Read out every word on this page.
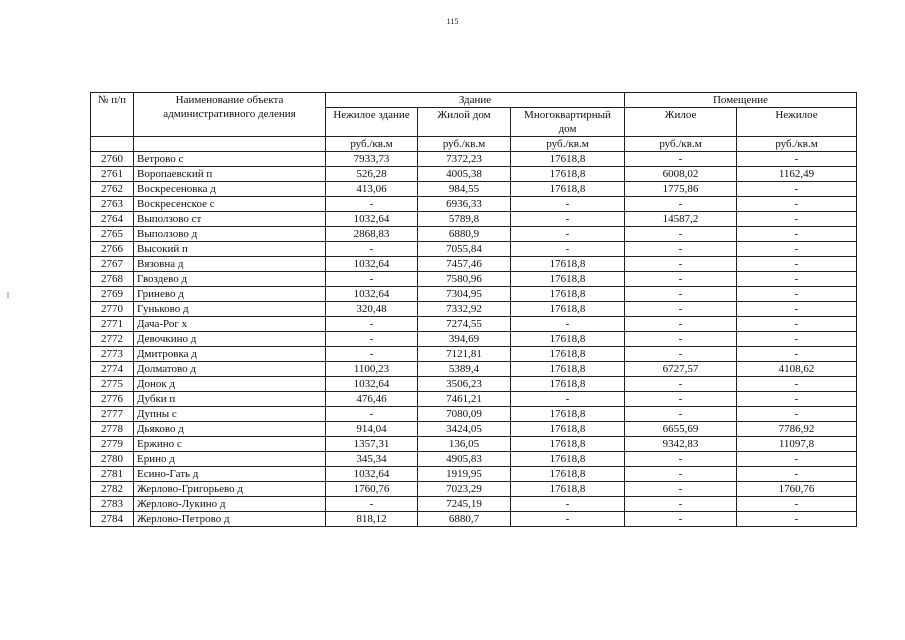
115
№ п/п	Наименование объекта административного деления	Здание			Помещение	
		Нежилое здание	Жилой дом	Многоквартирный дом	Жилое	Нежилое
		руб./кв.м	руб./кв.м	руб./кв.м	руб./кв.м	руб./кв.м
2760	Ветрово с	7933,73	7372,23	17618,8	-	-
2761	Воропаевский п	526,28	4005,38	17618,8	6008,02	1162,49
2762	Воскресеновка д	413,06	984,55	17618,8	1775,86	-
2763	Воскресенское с	-	6936,33	-	-	-
2764	Выползово ст	1032,64	5789,8	-	14587,2	-
2765	Выползово д	2868,83	6880,9	-	-	-
2766	Высокий п	-	7055,84	-	-	-
2767	Вязовна д	1032,64	7457,46	17618,8	-	-
2768	Гвоздево д	-	7580,96	17618,8	-	-
2769	Гринево д	1032,64	7304,95	17618,8	-	-
2770	Гуньково д	320,48	7332,92	17618,8	-	-
2771	Дача-Рог х	-	7274,55	-	-	-
2772	Девочкино д	-	394,69	17618,8	-	-
2773	Дмитровка д	-	7121,81	17618,8	-	-
2774	Долматово д	1100,23	5389,4	17618,8	6727,57	4108,62
2775	Донок д	1032,64	3506,23	17618,8	-	-
2776	Дубки п	476,46	7461,21	-	-	-
2777	Дупны с	-	7080,09	17618,8	-	-
2778	Дьяково д	914,04	3424,05	17618,8	6655,69	7786,92
2779	Ержино с	1357,31	136,05	17618,8	9342,83	11097,8
2780	Ерино д	345,34	4905,83	17618,8	-	-
2781	Есино-Гать д	1032,64	1919,95	17618,8	-	-
2782	Жерлово-Григорьево д	1760,76	7023,29	17618,8	-	1760,76
2783	Жерлово-Лукино д	-	7245,19	-	-	-
2784	Жерлово-Петрово д	818,12	6880,7	-	-	-
